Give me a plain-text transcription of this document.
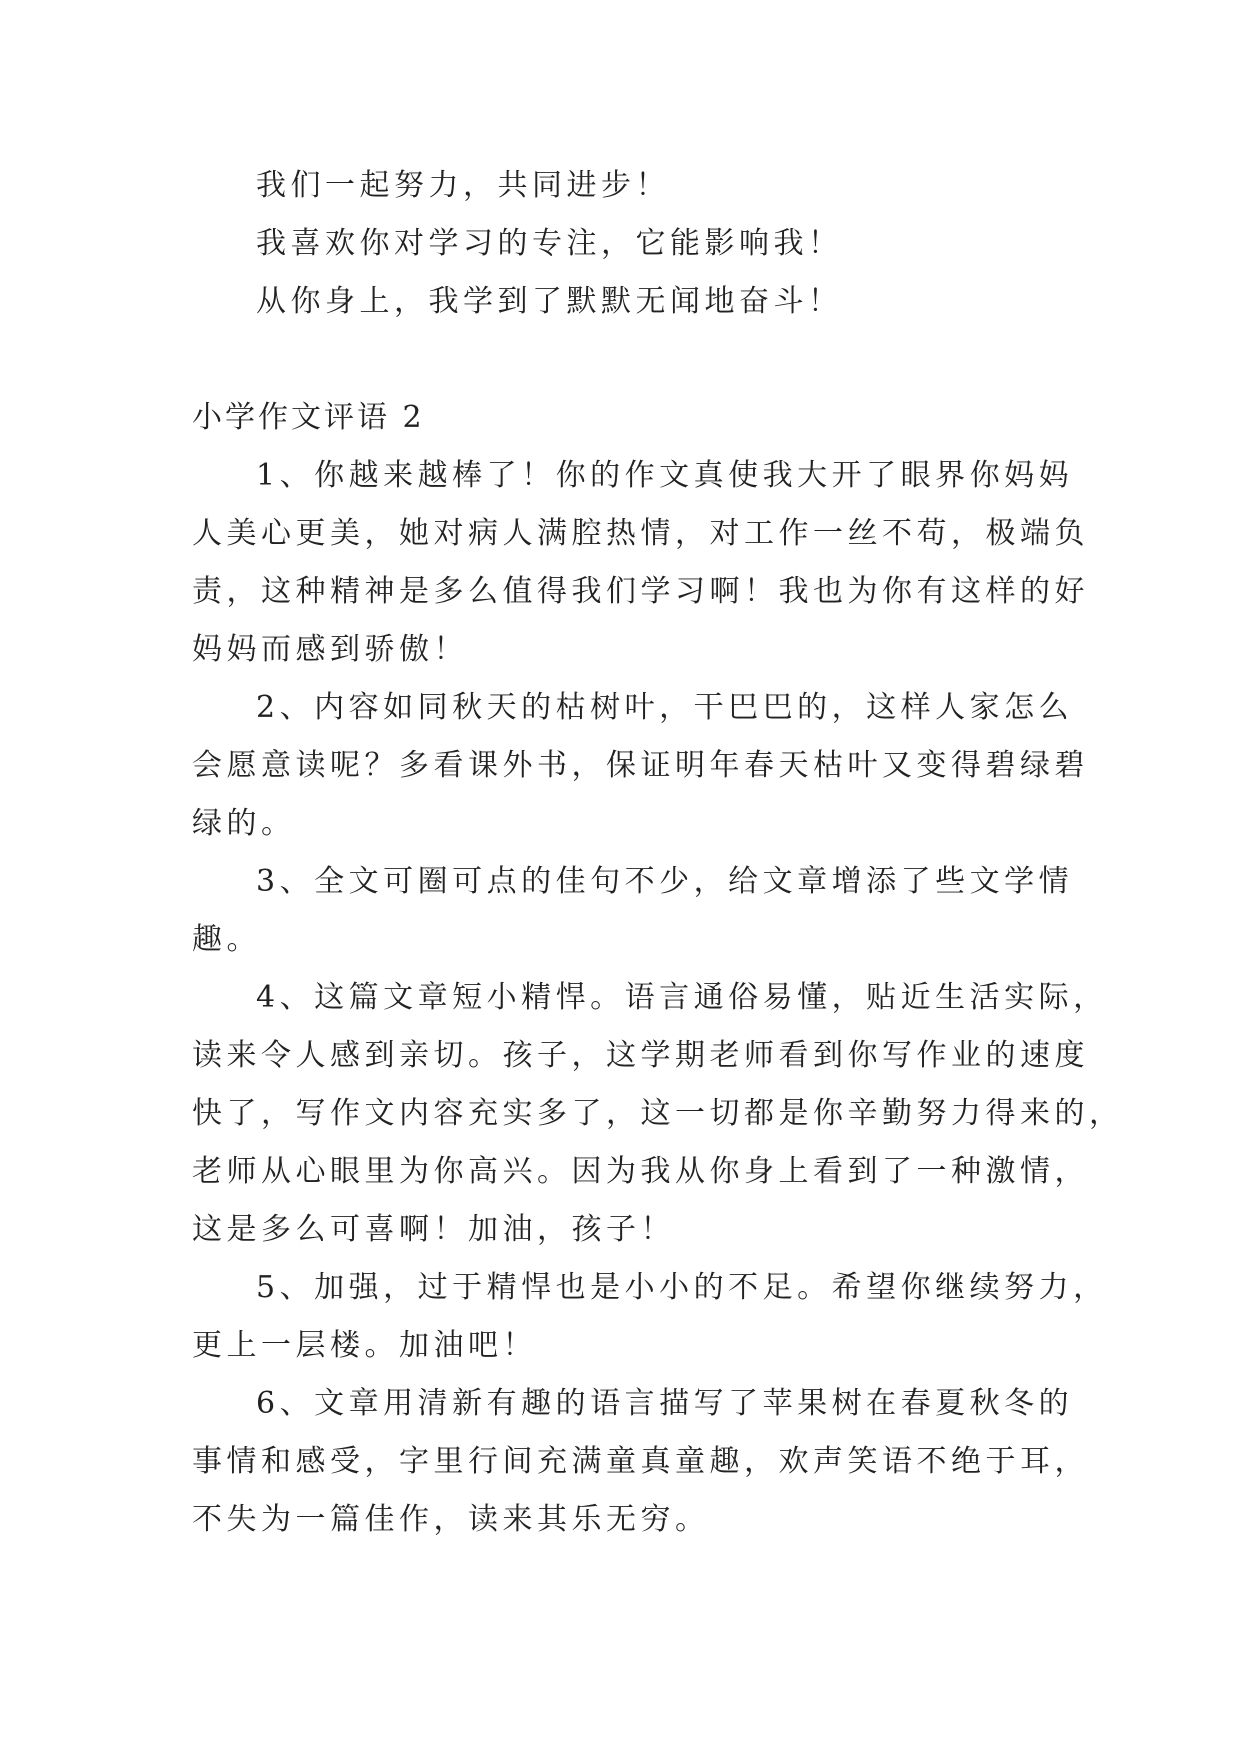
我们一起努力，共同进步！

我喜欢你对学习的专注，它能影响我！

从你身上，我学到了默默无闻地奋斗！

小学作文评语 2

1、你越来越棒了！你的作文真使我大开了眼界你妈妈

人美心更美，她对病人满腔热情，对工作一丝不苟，极端负

责，这种精神是多么值得我们学习啊！我也为你有这样的好

妈妈而感到骄傲！

2、内容如同秋天的枯树叶，干巴巴的，这样人家怎么

会愿意读呢？多看课外书，保证明年春天枯叶又变得碧绿碧

绿的。

3、全文可圈可点的佳句不少，给文章增添了些文学情

趣。

4、这篇文章短小精悍。语言通俗易懂，贴近生活实际，

读来令人感到亲切。孩子，这学期老师看到你写作业的速度

快了，写作文内容充实多了，这一切都是你辛勤努力得来的，

老师从心眼里为你高兴。因为我从你身上看到了一种激情，

这是多么可喜啊！加油，孩子！

5、加强，过于精悍也是小小的不足。希望你继续努力，

更上一层楼。加油吧！

6、文章用清新有趣的语言描写了苹果树在春夏秋冬的

事情和感受，字里行间充满童真童趣，欢声笑语不绝于耳，

不失为一篇佳作，读来其乐无穷。
